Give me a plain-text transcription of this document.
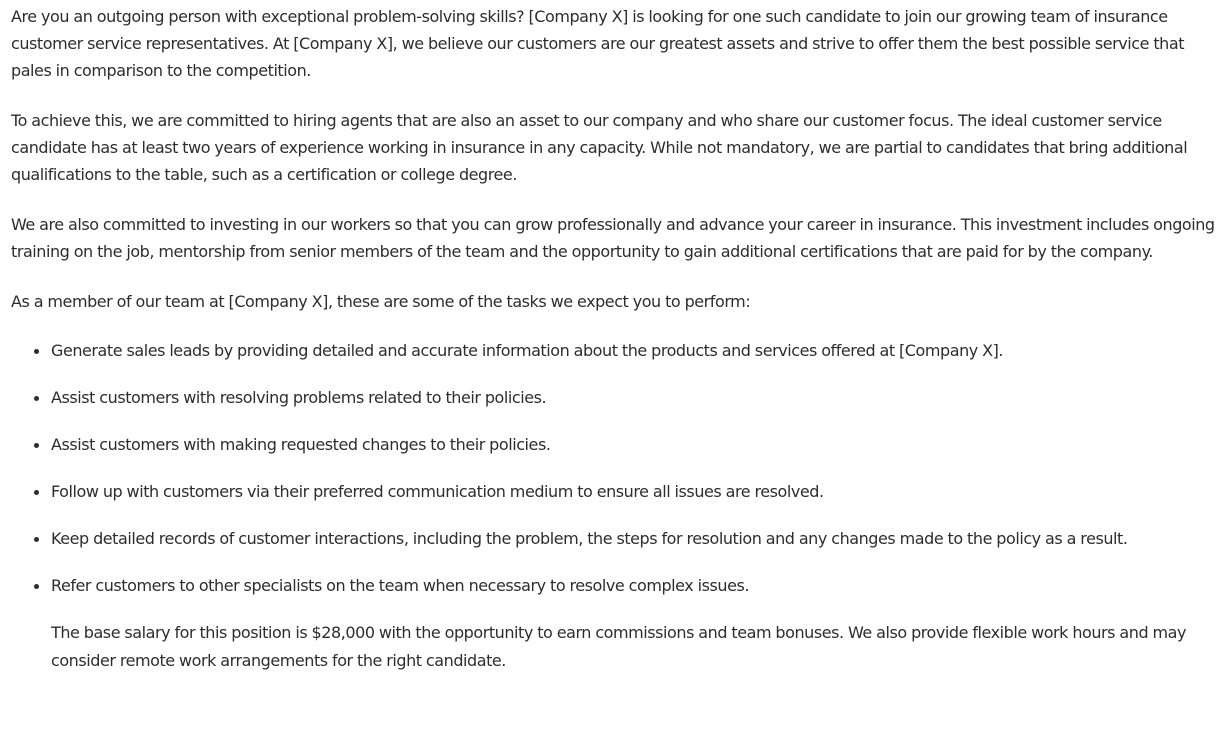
Are you an outgoing person with exceptional problem-solving skills? [Company X] is looking for one such candidate to join our growing team of insurance customer service representatives. At [Company X], we believe our customers are our greatest assets and strive to offer them the best possible service that pales in comparison to the competition.

To achieve this, we are committed to hiring agents that are also an asset to our company and who share our customer focus. The ideal customer service candidate has at least two years of experience working in insurance in any capacity. While not mandatory, we are partial to candidates that bring additional qualifications to the table, such as a certification or college degree.

We are also committed to investing in our workers so that you can grow professionally and advance your career in insurance. This investment includes ongoing training on the job, mentorship from senior members of the team and the opportunity to gain additional certifications that are paid for by the company.

As a member of our team at [Company X], these are some of the tasks we expect you to perform:

Generate sales leads by providing detailed and accurate information about the products and services offered at [Company X].
Assist customers with resolving problems related to their policies.
Assist customers with making requested changes to their policies.
Follow up with customers via their preferred communication medium to ensure all issues are resolved.
Keep detailed records of customer interactions, including the problem, the steps for resolution and any changes made to the policy as a result.
Refer customers to other specialists on the team when necessary to resolve complex issues.

The base salary for this position is $28,000 with the opportunity to earn commissions and team bonuses. We also provide flexible work hours and may consider remote work arrangements for the right candidate.
